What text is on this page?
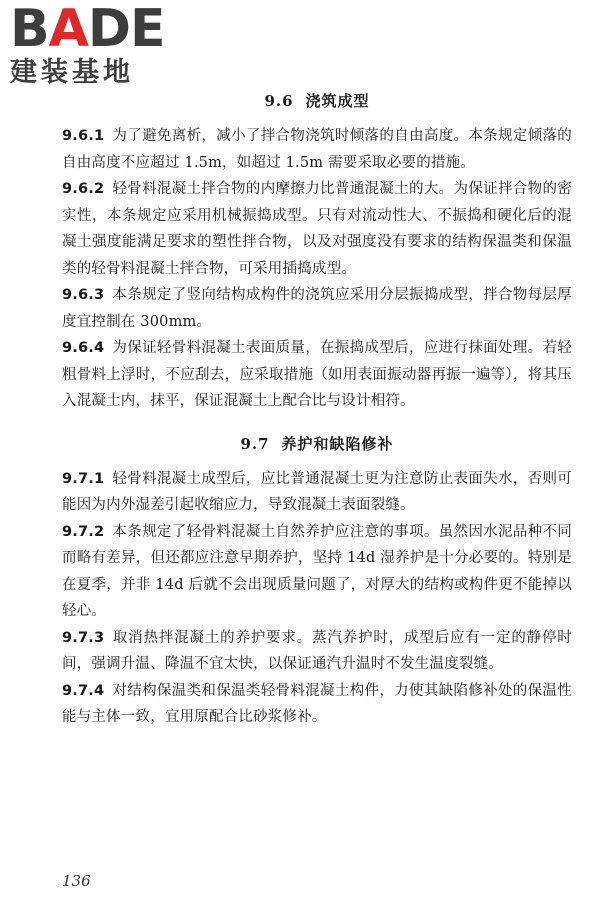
BADE
建装基地
9.6 浇筑成型

9.6.1 为了避免离析，减小了拌合物浇筑时倾落的自由高度。本条规定倾落的自由高度不应超过 1.5m，如超过 1.5m 需要采取必要的措施。

9.6.2 轻骨料混凝土拌合物的内摩擦力比普通混凝土的大。为保证拌合物的密实性，本条规定应采用机械振捣成型。只有对流动性大、不振捣和硬化后的混凝土强度能满足要求的塑性拌合物，以及对强度没有要求的结构保温类和保温类的轻骨料混凝土拌合物，可采用插捣成型。

9.6.3 本条规定了竖向结构成构件的浇筑应采用分层振捣成型，拌合物每层厚度宜控制在 300mm。

9.6.4 为保证轻骨料混凝土表面质量，在振捣成型后，应进行抹面处理。若轻粗骨料上浮时，不应刮去，应采取措施（如用表面振动器再振一遍等），将其压入混凝土内，抹平，保证混凝土上配合比与设计相符。

9.7 养护和缺陷修补

9.7.1 轻骨料混凝土成型后，应比普通混凝土更为注意防止表面失水，否则可能因为内外湿差引起收缩应力，导致混凝土表面裂缝。

9.7.2 本条规定了轻骨料混凝土自然养护应注意的事项。虽然因水泥品种不同而略有差异，但还都应注意早期养护，坚持 14d 湿养护是十分必要的。特别是在夏季，并非 14d 后就不会出现质量问题了，对厚大的结构或构件更不能掉以轻心。

9.7.3 取消热拌混凝土的养护要求。蒸汽养护时，成型后应有一定的静停时间，强调升温、降温不宜太快，以保证通汽升温时不发生温度裂缝。

9.7.4 对结构保温类和保温类轻骨料混凝土构件，力使其缺陷修补处的保温性能与主体一致，宜用原配合比砂浆修补。

136
